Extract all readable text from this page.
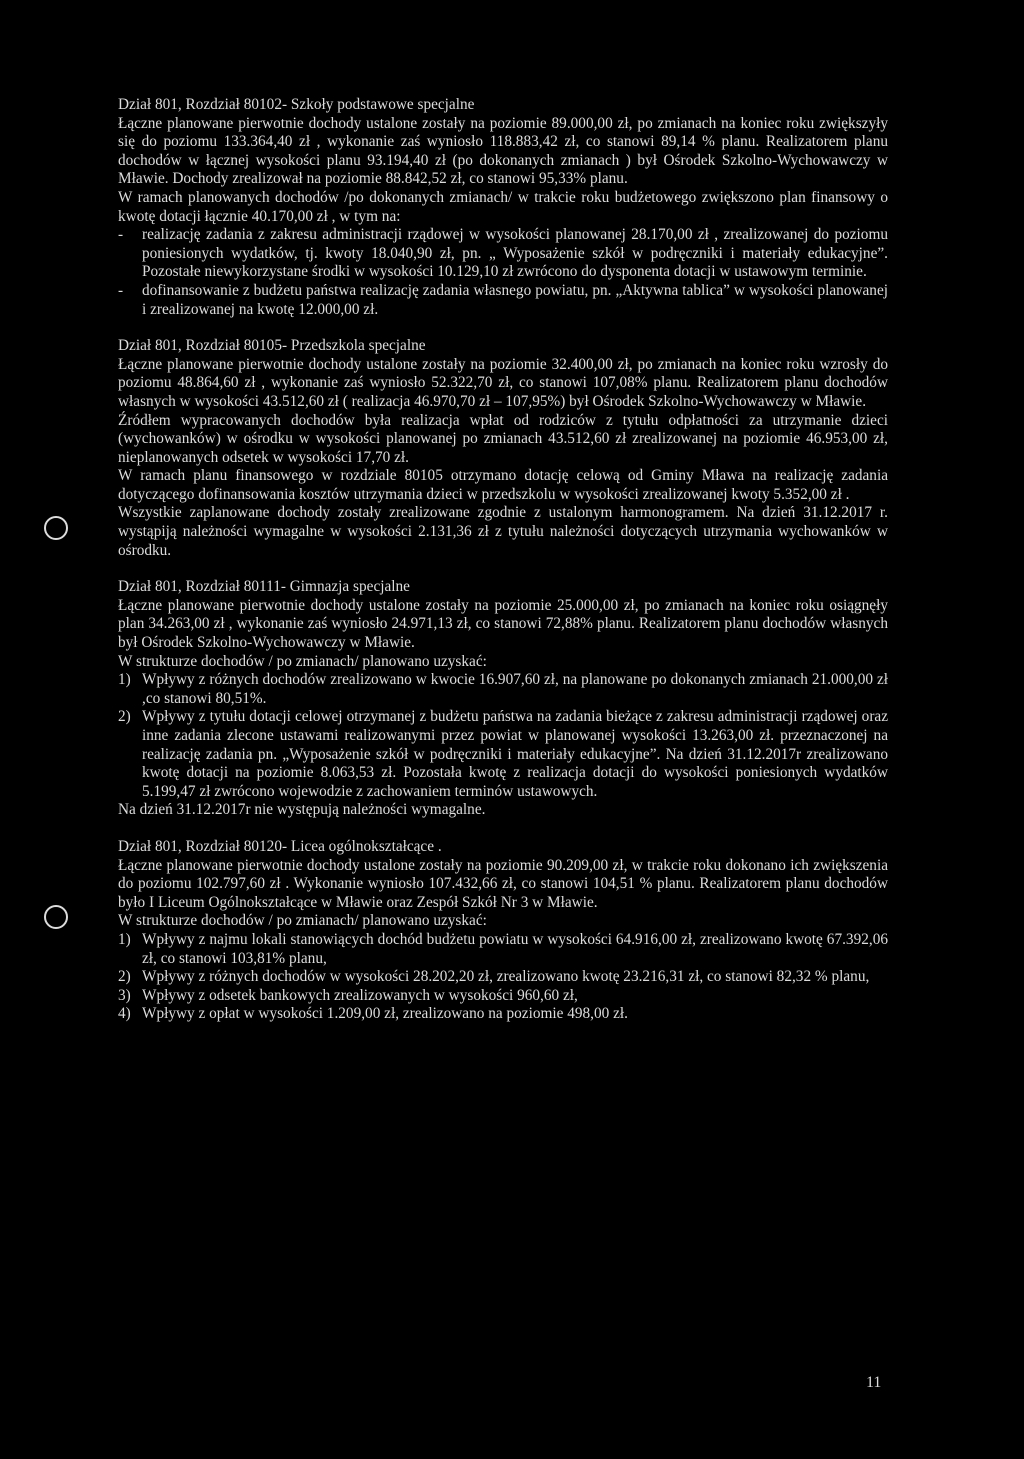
Dział 801, Rozdział 80102- Szkoły podstawowe specjalne

Łączne planowane pierwotnie dochody ustalone zostały na poziomie 89.000,00 zł, po zmianach na koniec roku zwiększyły się do poziomu 133.364,40 zł , wykonanie zaś wyniosło 118.883,42 zł, co stanowi 89,14 % planu. Realizatorem planu dochodów w łącznej wysokości planu 93.194,40 zł (po dokonanych zmianach ) był Ośrodek Szkolno-Wychowawczy w Mławie. Dochody zrealizował na poziomie 88.842,52 zł, co stanowi 95,33% planu.

W ramach planowanych dochodów /po dokonanych zmianach/ w trakcie roku budżetowego zwiększono plan finansowy o kwotę dotacji łącznie 40.170,00 zł , w tym na:

- realizację zadania z zakresu administracji rządowej w wysokości planowanej 28.170,00 zł , zrealizowanej do poziomu poniesionych wydatków, tj. kwoty 18.040,90 zł, pn. „ Wyposażenie szkół w podręczniki i materiały edukacyjne”. Pozostałe niewykorzystane środki w wysokości 10.129,10 zł zwrócono do dysponenta dotacji w ustawowym terminie.
- dofinansowanie z budżetu państwa realizację zadania własnego powiatu, pn. „Aktywna tablica” w wysokości planowanej i zrealizowanej na kwotę 12.000,00 zł.

Dział 801, Rozdział 80105- Przedszkola specjalne

Łączne planowane pierwotnie dochody ustalone zostały na poziomie 32.400,00 zł, po zmianach na koniec roku wzrosły do poziomu 48.864,60 zł , wykonanie zaś wyniosło 52.322,70 zł, co stanowi 107,08% planu. Realizatorem planu dochodów własnych w wysokości 43.512,60 zł ( realizacja 46.970,70 zł – 107,95%) był Ośrodek Szkolno-Wychowawczy w Mławie.

Źródłem wypracowanych dochodów była realizacja wpłat od rodziców z tytułu odpłatności za utrzymanie dzieci (wychowanków) w ośrodku w wysokości planowanej po zmianach 43.512,60 zł zrealizowanej na poziomie 46.953,00 zł, nieplanowanych odsetek w wysokości 17,70 zł.

W ramach planu finansowego w rozdziale 80105 otrzymano dotację celową od Gminy Mława na realizację zadania dotyczącego dofinansowania kosztów utrzymania dzieci w przedszkolu w wysokości zrealizowanej kwoty 5.352,00 zł .

Wszystkie zaplanowane dochody zostały zrealizowane zgodnie z ustalonym harmonogramem. Na dzień 31.12.2017 r. wystąpiją należności wymagalne w wysokości 2.131,36 zł z tytułu należności dotyczących utrzymania wychowanków w ośrodku.

Dział 801, Rozdział 80111- Gimnazja specjalne

Łączne planowane pierwotnie dochody ustalone zostały na poziomie 25.000,00 zł, po zmianach na koniec roku osiągnęły plan 34.263,00 zł , wykonanie zaś wyniosło 24.971,13 zł, co stanowi 72,88% planu. Realizatorem planu dochodów własnych był Ośrodek Szkolno-Wychowawczy w Mławie.

W strukturze dochodów / po zmianach/ planowano uzyskać:

1) Wpływy z różnych dochodów zrealizowano w kwocie 16.907,60 zł, na planowane po dokonanych zmianach 21.000,00 zł ,co stanowi 80,51%.
2) Wpływy z tytułu dotacji celowej otrzymanej z budżetu państwa na zadania bieżące z zakresu administracji rządowej oraz inne zadania zlecone ustawami realizowanymi przez powiat w planowanej wysokości 13.263,00 zł. przeznaczonej na realizację zadania pn. „Wyposażenie szkół w podręczniki i materiały edukacyjne”. Na dzień 31.12.2017r zrealizowano kwotę dotacji na poziomie 8.063,53 zł. Pozostała kwotę z realizacja dotacji do wysokości poniesionych wydatków 5.199,47 zł zwrócono wojewodzie z zachowaniem terminów ustawowych.

Na dzień 31.12.2017r nie występują należności wymagalne.

Dział 801, Rozdział 80120- Licea ogólnokształcące .

Łączne planowane pierwotnie dochody ustalone zostały na poziomie 90.209,00 zł, w trakcie roku dokonano ich zwiększenia do poziomu 102.797,60 zł . Wykonanie wyniosło 107.432,66 zł, co stanowi 104,51 % planu. Realizatorem planu dochodów było I Liceum Ogólnokształcące w Mławie oraz Zespół Szkół Nr 3 w Mławie.

W strukturze dochodów / po zmianach/ planowano uzyskać:

1) Wpływy z najmu lokali stanowiących dochód budżetu powiatu w wysokości 64.916,00 zł, zrealizowano kwotę 67.392,06 zł, co stanowi 103,81% planu,
2) Wpływy z różnych dochodów w wysokości 28.202,20 zł, zrealizowano kwotę 23.216,31 zł, co stanowi 82,32 % planu,
3) Wpływy z odsetek bankowych zrealizowanych w wysokości 960,60 zł,
4) Wpływy z opłat w wysokości 1.209,00 zł, zrealizowano na poziomie 498,00 zł.
11
